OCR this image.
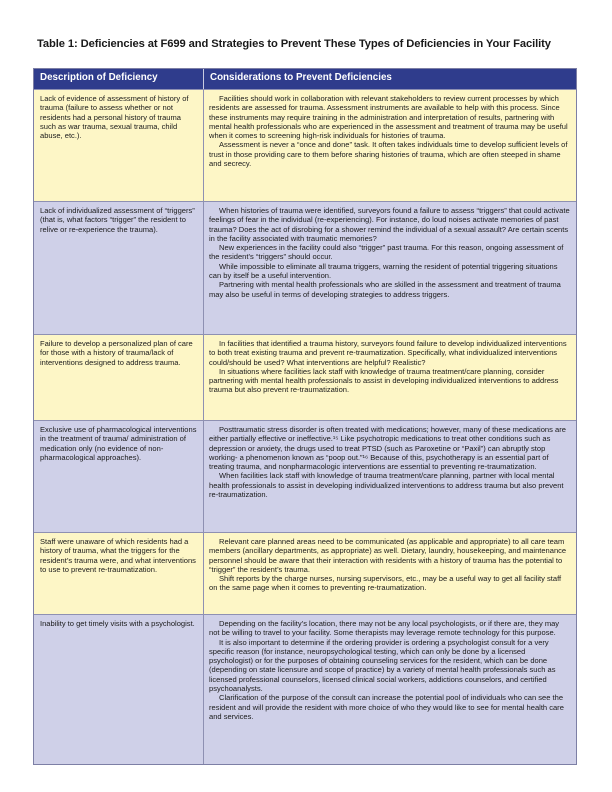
Table 1: Deficiencies at F699 and Strategies to Prevent These Types of Deficiencies in Your Facility
Description of Deficiency	Considerations to Prevent Deficiencies
Lack of evidence of assessment of history of trauma (failure to assess whether or not residents had a personal history of trauma such as war trauma, sexual trauma, child abuse, etc.).

Facilities should work in collaboration with relevant stakeholders to review current processes by which residents are assessed for trauma. Assessment instruments are available to help with this process. Since these instruments may require training in the administration and interpretation of results, partnering with mental health professionals who are experienced in the assessment and treatment of trauma may be useful when it comes to screening high-risk individuals for histories of trauma.

Assessment is never a “once and done” task. It often takes individuals time to develop sufficient levels of trust in those providing care to them before sharing histories of trauma, which are often steeped in shame and secrecy.

Lack of individualized assessment of “triggers” (that is, what factors “trigger” the resident to relive or re-experience the trauma).

When histories of trauma were identified, surveyors found a failure to assess “triggers” that could activate feelings of fear in the individual (re-experiencing). For instance, do loud noises activate memories of past trauma? Does the act of disrobing for a shower remind the individual of a sexual assault? Are certain scents in the facility associated with traumatic memories?

New experiences in the facility could also “trigger” past trauma. For this reason, ongoing assessment of the resident’s “triggers” should occur.

While impossible to eliminate all trauma triggers, warning the resident of potential triggering situations can by itself be a useful intervention.

Partnering with mental health professionals who are skilled in the assessment and treatment of trauma may also be useful in terms of developing strategies to address triggers.

Failure to develop a personalized plan of care for those with a history of trauma/lack of interventions designed to address trauma.

In facilities that identified a trauma history, surveyors found failure to develop individualized interventions to both treat existing trauma and prevent re-traumatization. Specifically, what individualized interventions could/should be used? What interventions are helpful? Realistic?

In situations where facilities lack staff with knowledge of trauma treatment/care planning, consider partnering with mental health professionals to assist in developing individualized interventions to address trauma but also prevent re-traumatization.

Exclusive use of pharmacological interventions in the treatment of trauma/ administration of medication only (no evidence of non-pharmacological approaches).

Posttraumatic stress disorder is often treated with medications; however, many of these medications are either partially effective or ineffective.¹⁵ Like psychotropic medications to treat other conditions such as depression or anxiety, the drugs used to treat PTSD (such as Paroxetine or “Paxil”) can abruptly stop working- a phenomenon known as “poop out.”¹⁶ Because of this, psychotherapy is an essential part of treating trauma, and nonpharmacologic interventions are essential to preventing re-traumatization.

When facilities lack staff with knowledge of trauma treatment/care planning, partner with local mental health professionals to assist in developing individualized interventions to address trauma but also prevent re-traumatization.

Staff were unaware of which residents had a history of trauma, what the triggers for the resident’s trauma were, and what interventions to use to prevent re-traumatization.

Relevant care planned areas need to be communicated (as applicable and appropriate) to all care team members (ancillary departments, as appropriate) as well. Dietary, laundry, housekeeping, and maintenance personnel should be aware that their interaction with residents with a history of trauma has the potential to “trigger” the resident’s trauma.

Shift reports by the charge nurses, nursing supervisors, etc., may be a useful way to get all facility staff on the same page when it comes to preventing re-traumatization.

Inability to get timely visits with a psychologist.	Depending on the facility’s location, there may not be any local psychologists, or if there are, they may not be willing to travel to your facility. Some therapists may leverage remote technology for this purpose.

It is also important to determine if the ordering provider is ordering a psychologist consult for a very specific reason (for instance, neuropsychological testing, which can only be done by a licensed psychologist) or for the purposes of obtaining counseling services for the resident, which can be done (depending on state licensure and scope of practice) by a variety of mental health professionals such as licensed professional counselors, licensed clinical social workers, addictions counselors, and certified psychoanalysts.

Clarification of the purpose of the consult can increase the potential pool of individuals who can see the resident and will provide the resident with more choice of who they would like to see for mental health care and services.
